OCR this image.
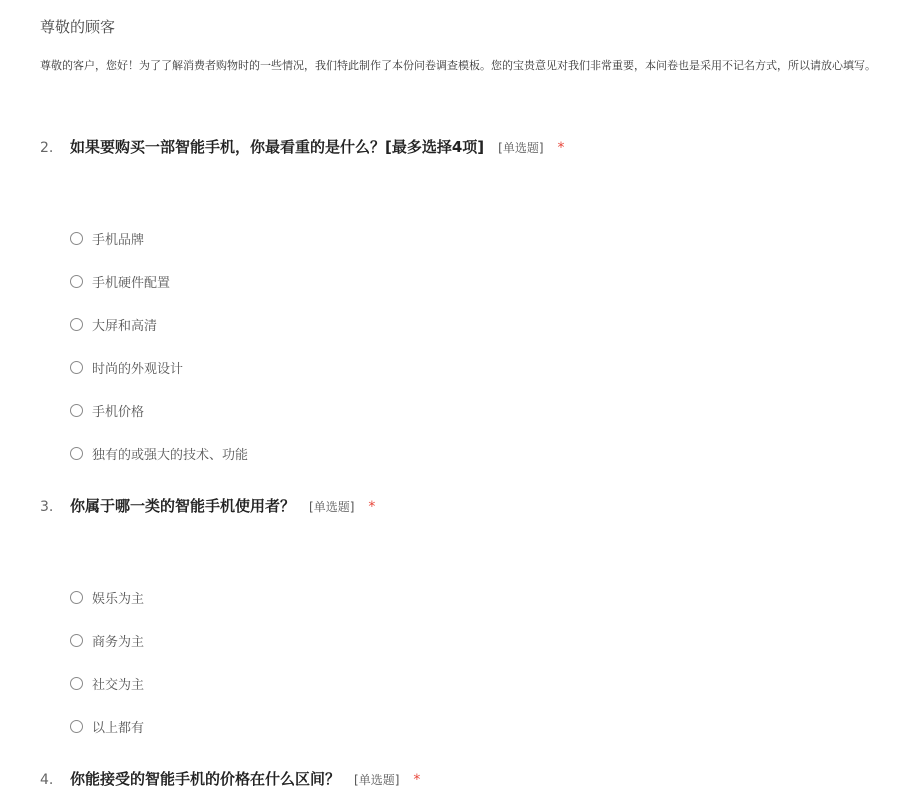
尊敬的顾客
尊敬的客户，您好！为了了解消费者购物时的一些情况，我们特此制作了本份问卷调查模板。您的宝贵意见对我们非常重要，本问卷也是采用不记名方式，所以请放心填写。
2.	如果要购买一部智能手机，你最看重的是什么？[最多选择4项] [单选题] *
手机品牌
手机硬件配置
大屏和高清
时尚的外观设计
手机价格
独有的或强大的技术、功能
3.	你属于哪一类的智能手机使用者？ [单选题] *
娱乐为主
商务为主
社交为主
以上都有
4.	你能接受的智能手机的价格在什么区间？ [单选题] *
